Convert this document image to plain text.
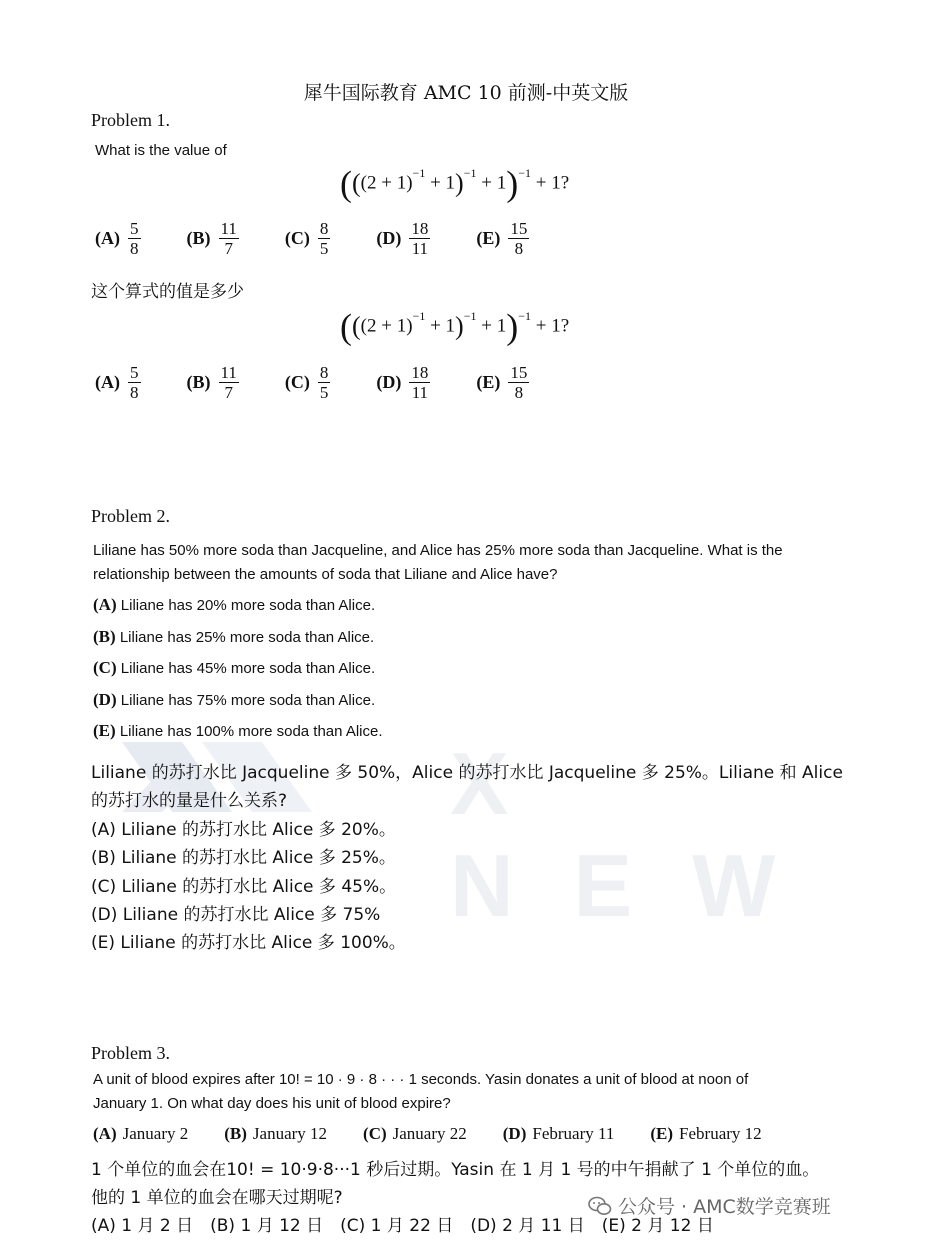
犀牛国际教育 AMC 10 前测-中英文版
Problem 1.
What is the value of
$(((2 + 1)^{-1} + 1)^{-1} + 1)^{-1} + 1$?
$(A) \frac{5}{8}$	$(B) \frac{11}{7}$	$(C) \frac{8}{5}$	$(D) \frac{18}{11}$	$(E) \frac{15}{8}$
这个算式的值是多少
$(((2 + 1)^{-1} + 1)^{-1} + 1)^{-1} + 1$?
$(A) \frac{5}{8}$	$(B) \frac{11}{7}$	$(C) \frac{8}{5}$	$(D) \frac{18}{11}$	$(E) \frac{15}{8}$
Problem 2.
Liliane has 50% more soda than Jacqueline, and Alice has 25% more soda than Jacqueline. What is the
relationship between the amounts of soda that Liliane and Alice have?
(A) Liliane has 20% more soda than Alice.
(B) Liliane has 25% more soda than Alice.
(C) Liliane has 45% more soda than Alice.
(D) Liliane has 75% more soda than Alice.
(E) Liliane has 100% more soda than Alice.
X NEW
Liliane 的苏打水比 Jacqueline 多 50%，Alice 的苏打水比 Jacqueline 多 25%。Liliane 和 Alice
的苏打水的量是什么关系?
(A) Liliane 的苏打水比 Alice 多 20%。
(B) Liliane 的苏打水比 Alice 多 25%。
(C) Liliane 的苏打水比 Alice 多 45%。
(D) Liliane 的苏打水比 Alice 多 75%
(E) Liliane 的苏打水比 Alice 多 100%。
Problem 3.
A unit of blood expires after 10! = 10 · 9 · 8 · · · 1 seconds. Yasin donates a unit of blood at noon of
January 1. On what day does his unit of blood expire?
(A) January 2 (B) January 12 (C) January 22 (D) February 11 (E) February 12
1 个单位的血会在10! = 10·9·8···1 秒后过期。Yasin 在 1 月 1 号的中午捐献了 1 个单位的血。
他的 1 单位的血会在哪天过期呢?
(A) 1 月 2 日　(B) 1 月 12 日　(C) 1 月 22 日　(D) 2 月 11 日　(E) 2 月 12 日
公众号 · AMC数学竞赛班
